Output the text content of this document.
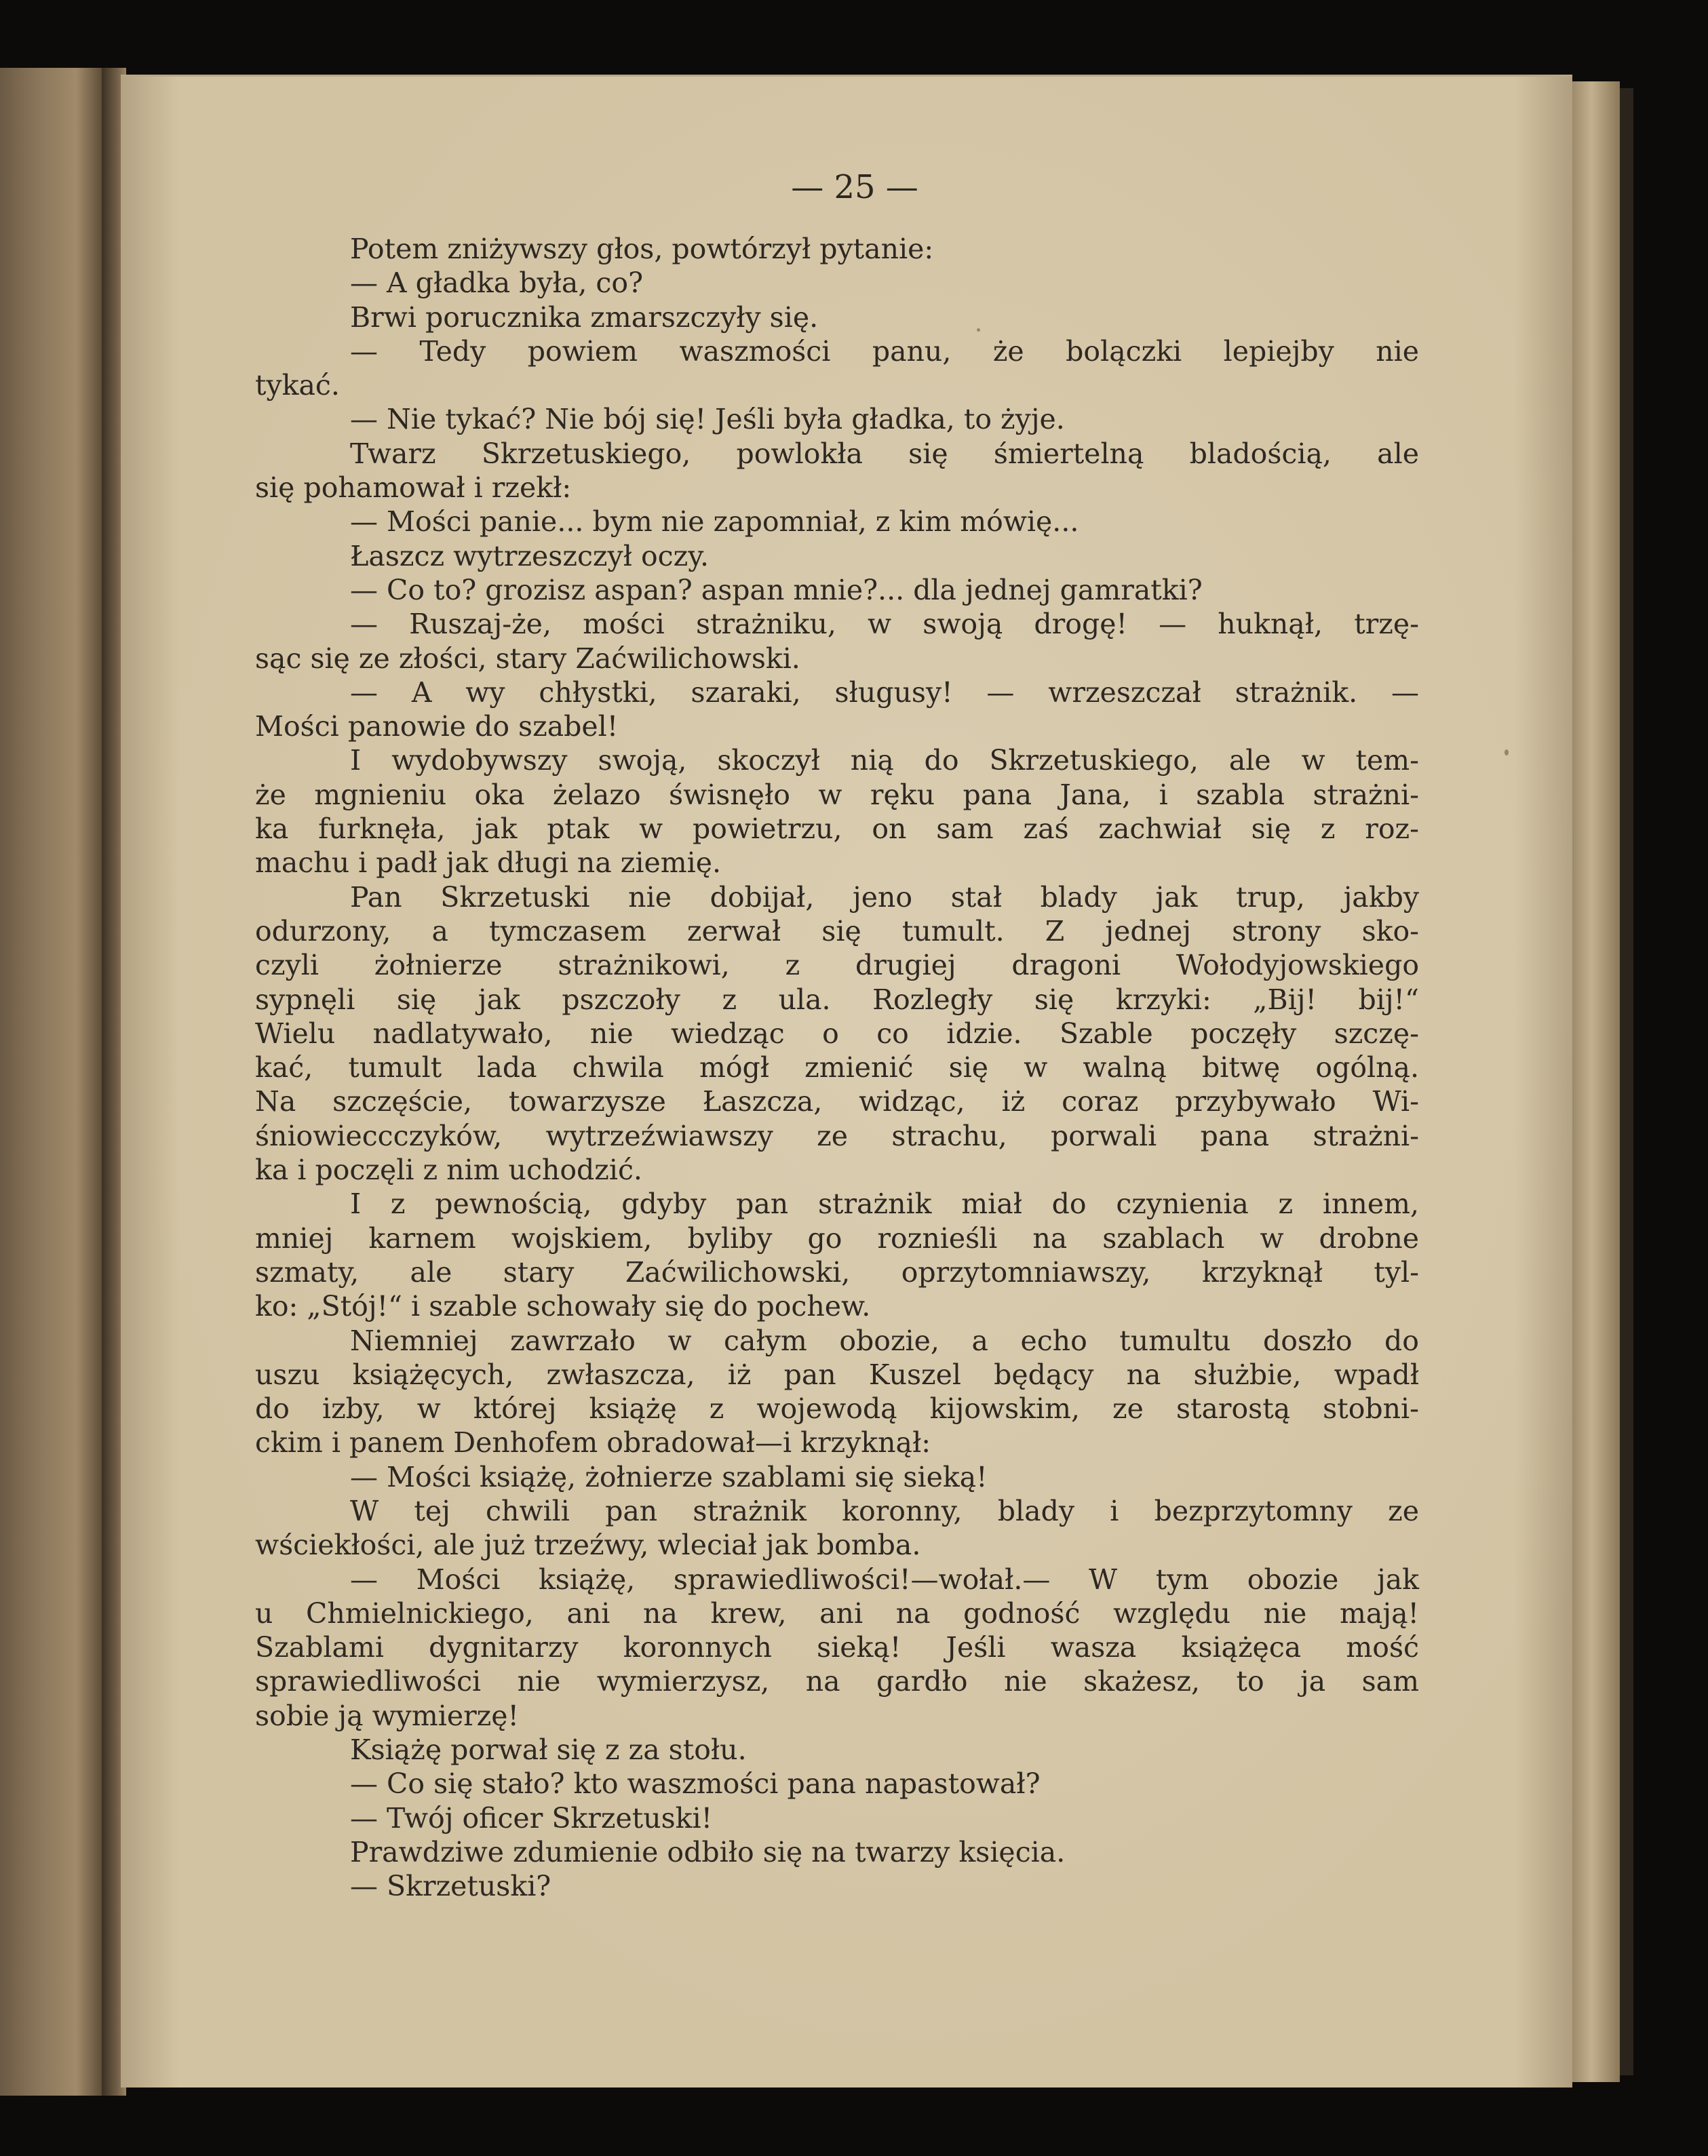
— 25 —
Potem zniżywszy głos, powtórzył pytanie:
— A gładka była, co?
Brwi porucznika zmarszczyły się.
— Tedy powiem waszmości panu, że bolączki lepiejby nie
tykać.
— Nie tykać? Nie bój się! Jeśli była gładka, to żyje.
Twarz Skrzetuskiego, powlokła się śmiertelną bladością, ale
się pohamował i rzekł:
— Mości panie... bym nie zapomniał, z kim mówię...
Łaszcz wytrzeszczył oczy.
— Co to? grozisz aspan? aspan mnie?... dla jednej gamratki?
— Ruszaj-że, mości strażniku, w swoją drogę! — huknął, trzę-
sąc się ze złości, stary Zaćwilichowski.
— A wy chłystki, szaraki, sługusy! — wrzeszczał strażnik. —
Mości panowie do szabel!
I wydobywszy swoją, skoczył nią do Skrzetuskiego, ale w tem-
że mgnieniu oka żelazo świsnęło w ręku pana Jana, i szabla strażni-
ka furknęła, jak ptak w powietrzu, on sam zaś zachwiał się z roz-
machu i padł jak długi na ziemię.
Pan Skrzetuski nie dobijał, jeno stał blady jak trup, jakby
odurzony, a tymczasem zerwał się tumult. Z jednej strony sko-
czyli żołnierze strażnikowi, z drugiej dragoni Wołodyjowskiego
sypnęli się jak pszczoły z ula. Rozległy się krzyki: „Bij! bij!“
Wielu nadlatywało, nie wiedząc o co idzie. Szable poczęły szczę-
kać, tumult lada chwila mógł zmienić się w walną bitwę ogólną.
Na szczęście, towarzysze Łaszcza, widząc, iż coraz przybywało Wi-
śniowieccczyków, wytrzeźwiawszy ze strachu, porwali pana strażni-
ka i poczęli z nim uchodzić.
I z pewnością, gdyby pan strażnik miał do czynienia z innem,
mniej karnem wojskiem, byliby go roznieśli na szablach w drobne
szmaty, ale stary Zaćwilichowski, oprzytomniawszy, krzyknął tyl-
ko: „Stój!“ i szable schowały się do pochew.
Niemniej zawrzało w całym obozie, a echo tumultu doszło do
uszu książęcych, zwłaszcza, iż pan Kuszel będący na służbie, wpadł
do izby, w której książę z wojewodą kijowskim, ze starostą stobni-
ckim i panem Denhofem obradował—i krzyknął:
— Mości książę, żołnierze szablami się sieką!
W tej chwili pan strażnik koronny, blady i bezprzytomny ze
wściekłości, ale już trzeźwy, wleciał jak bomba.
— Mości książę, sprawiedliwości!—wołał.— W tym obozie jak
u Chmielnickiego, ani na krew, ani na godność względu nie mają!
Szablami dygnitarzy koronnych sieką! Jeśli wasza książęca mość
sprawiedliwości nie wymierzysz, na gardło nie skażesz, to ja sam
sobie ją wymierzę!
Książę porwał się z za stołu.
— Co się stało? kto waszmości pana napastował?
— Twój oficer Skrzetuski!
Prawdziwe zdumienie odbiło się na twarzy księcia.
— Skrzetuski?
